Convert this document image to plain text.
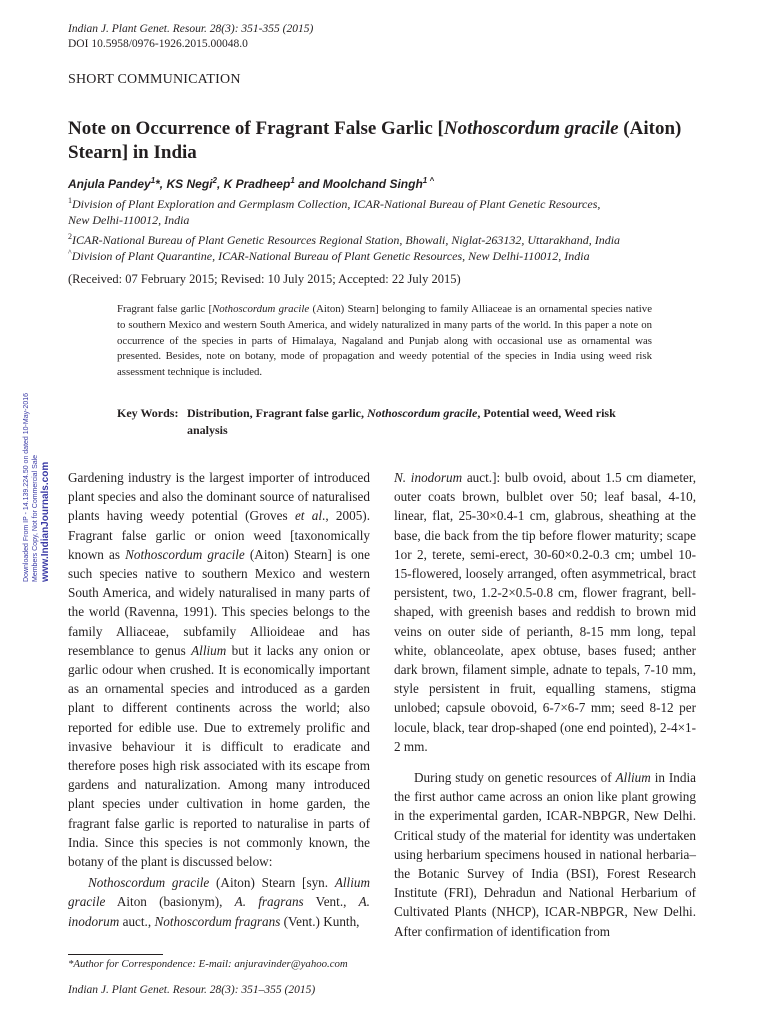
Indian J. Plant Genet. Resour. 28(3): 351-355 (2015)
DOI 10.5958/0976-1926.2015.00048.0
SHORT COMMUNICATION
Note on Occurrence of Fragrant False Garlic [Nothoscordum gracile (Aiton) Stearn] in India
Anjula Pandey$^1$*, KS Negi$^2$, K Pradheep$^1$ and Moolchand Singh$^{1 \^{}}$
$^1$Division of Plant Exploration and Germplasm Collection, ICAR-National Bureau of Plant Genetic Resources,
New Delhi-110012, India
$^2$ICAR-National Bureau of Plant Genetic Resources Regional Station, Bhowali, Niglat-263132, Uttarakhand, India
^Division of Plant Quarantine, ICAR-National Bureau of Plant Genetic Resources, New Delhi-110012, India
(Received: 07 February 2015; Revised: 10 July 2015; Accepted: 22 July 2015)
Fragrant false garlic [Nothoscordum gracile (Aiton) Stearn] belonging to family Alliaceae is an ornamental species native to southern Mexico and western South America, and widely naturalized in many parts of the world. In this paper a note on occurrence of the species in parts of Himalaya, Nagaland and Punjab along with occasional use as ornamental was presented. Besides, note on botany, mode of propagation and weedy potential of the species in India using weed risk assessment technique is included.
Key Words: Distribution, Fragrant false garlic, Nothoscordum gracile, Potential weed, Weed risk analysis

Gardening industry is the largest importer of introduced plant species and also the dominant source of naturalised plants having weedy potential (Groves et al., 2005). Fragrant false garlic or onion weed [taxonomically known as Nothoscordum gracile (Aiton) Stearn] is one such species native to southern Mexico and western South America, and widely naturalised in many parts of the world (Ravenna, 1991). This species belongs to the family Alliaceae, subfamily Allioideae and has resemblance to genus Allium but it lacks any onion or garlic odour when crushed. It is economically important as an ornamental species and introduced as a garden plant to different continents across the world; also reported for edible use. Due to extremely prolific and invasive behaviour it is difficult to eradicate and therefore poses high risk associated with its escape from gardens and naturalization. Among many introduced plant species under cultivation in home garden, the fragrant false garlic is reported to naturalise in parts of India. Since this species is not commonly known, the botany of the plant is discussed below:

Nothoscordum gracile (Aiton) Stearn [syn. Allium gracile Aiton (basionym), A. fragrans Vent., A. inodorum auct., Nothoscordum fragrans (Vent.) Kunth,

N. inodorum auct.]: bulb ovoid, about 1.5 cm diameter, outer coats brown, bulblet over 50; leaf basal, 4-10, linear, flat, 25-30×0.4-1 cm, glabrous, sheathing at the base, die back from the tip before flower maturity; scape 1or 2, terete, semi-erect, 30-60×0.2-0.3 cm; umbel 10-15-flowered, loosely arranged, often asymmetrical, bract persistent, two, 1.2-2×0.5-0.8 cm, flower fragrant, bell-shaped, with greenish bases and reddish to brown mid veins on outer side of perianth, 8-15 mm long, tepal white, oblanceolate, apex obtuse, bases fused; anther dark brown, filament simple, adnate to tepals, 7-10 mm, style persistent in fruit, equalling stamens, stigma unlobed; capsule obovoid, 6-7×6-7 mm; seed 8-12 per locule, black, tear drop-shaped (one end pointed), 2-4×1-2 mm.

During study on genetic resources of Allium in India the first author came across an onion like plant growing in the experimental garden, ICAR-NBPGR, New Delhi. Critical study of the material for identity was undertaken using herbarium specimens housed in national herbaria–the Botanic Survey of India (BSI), Forest Research Institute (FRI), Dehradun and National Herbarium of Cultivated Plants (NHCP), ICAR-NBPGR, New Delhi. After confirmation of identification from

*Author for Correspondence: E-mail: anjuravinder@yahoo.com
Indian J. Plant Genet. Resour. 28(3): 351–355 (2015)
Downloaded From IP - 14.139.224.50 on dated 10-May-2016 Members Copy, Not for Commercial Sale www.IndianJournals.com
